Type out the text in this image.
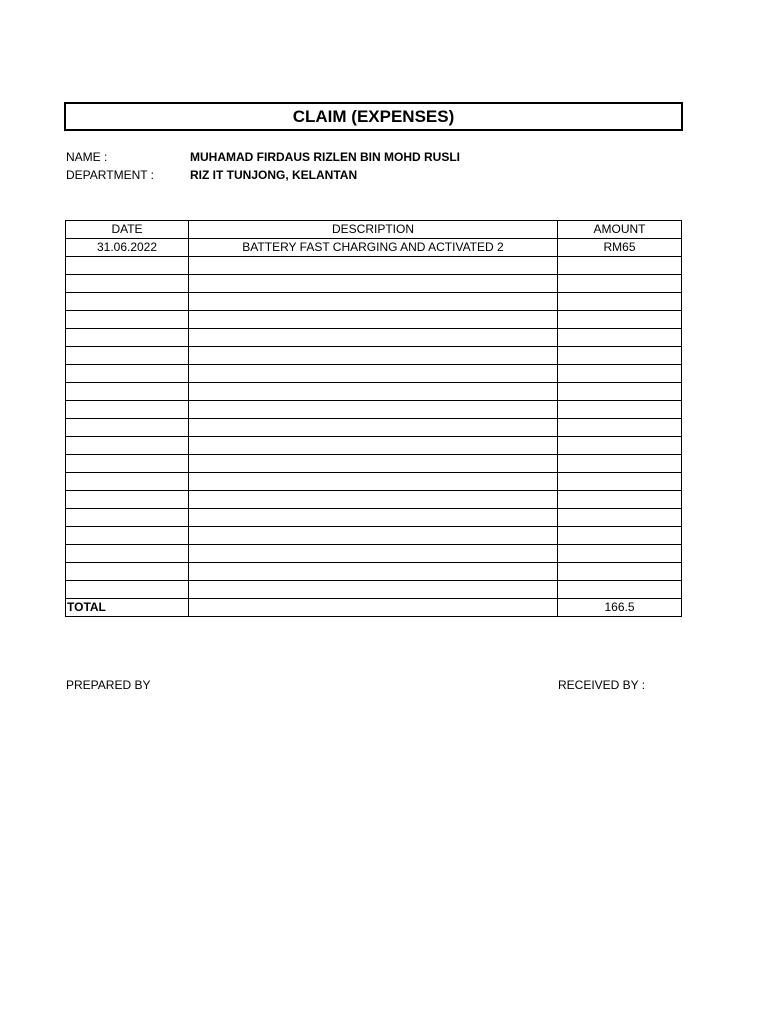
CLAIM (EXPENSES)
NAME :	MUHAMAD FIRDAUS RIZLEN BIN MOHD RUSLI
DEPARTMENT :	RIZ IT TUNJONG, KELANTAN
DATE	DESCRIPTION	AMOUNT
31.06.2022	BATTERY FAST CHARGING AND ACTIVATED 2	RM65

TOTAL		166.5
PREPARED BY	RECEIVED BY :
